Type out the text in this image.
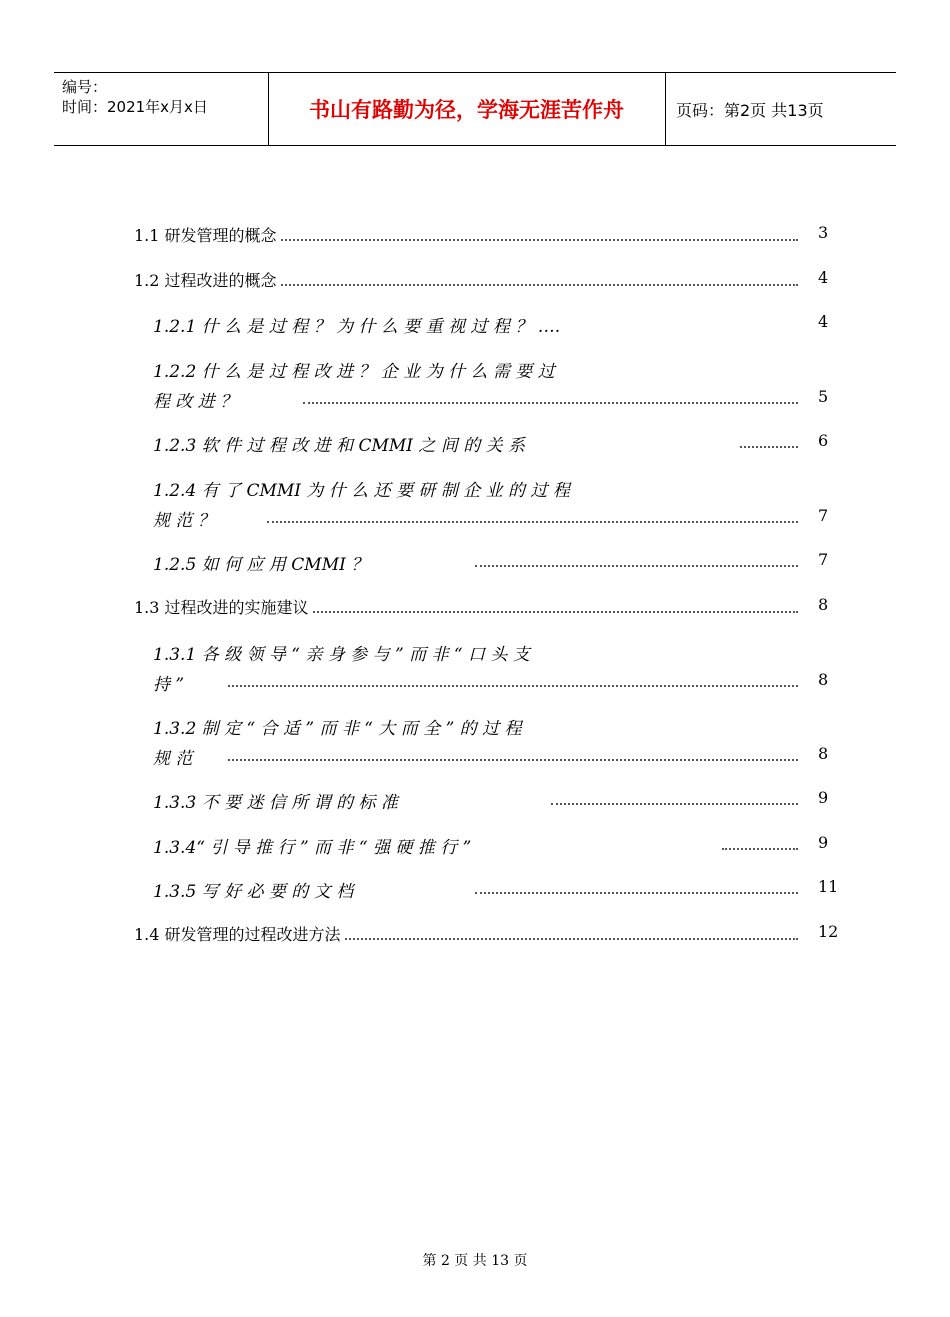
编号：
时间：2021年x月x日	书山有路勤为径，学海无涯苦作舟	页码：第2页 共13页
1.1 研发管理的概念	3
1.2 过程改进的概念	4
1.2.1 什 么 是 过 程 ？ 为 什 么 要 重 视 过 程 ？ ….	4
1.2.2 什 么 是 过 程 改 进 ？ 企 业 为 什 么 需 要 过
程 改 进 ？	5
1.2.3 软 件 过 程 改 进 和 CMMI 之 间 的 关 系	6
1.2.4 有 了 CMMI 为 什 么 还 要 研 制 企 业 的 过 程
规 范 ？	7
1.2.5 如 何 应 用 CMMI ？	7
1.3 过程改进的实施建议	8
1.3.1 各 级 领 导 “ 亲 身 参 与 ” 而 非 “ 口 头 支
持 ”	8
1.3.2 制 定 “ 合 适 ” 而 非 “ 大 而 全 ” 的 过 程
规 范	8
1.3.3 不 要 迷 信 所 谓 的 标 准	9
1.3.4“ 引 导 推 行 ” 而 非 “ 强 硬 推 行 ”	9
1.3.5 写 好 必 要 的 文 档	11
1.4 研发管理的过程改进方法	12
第 2 页 共 13 页
